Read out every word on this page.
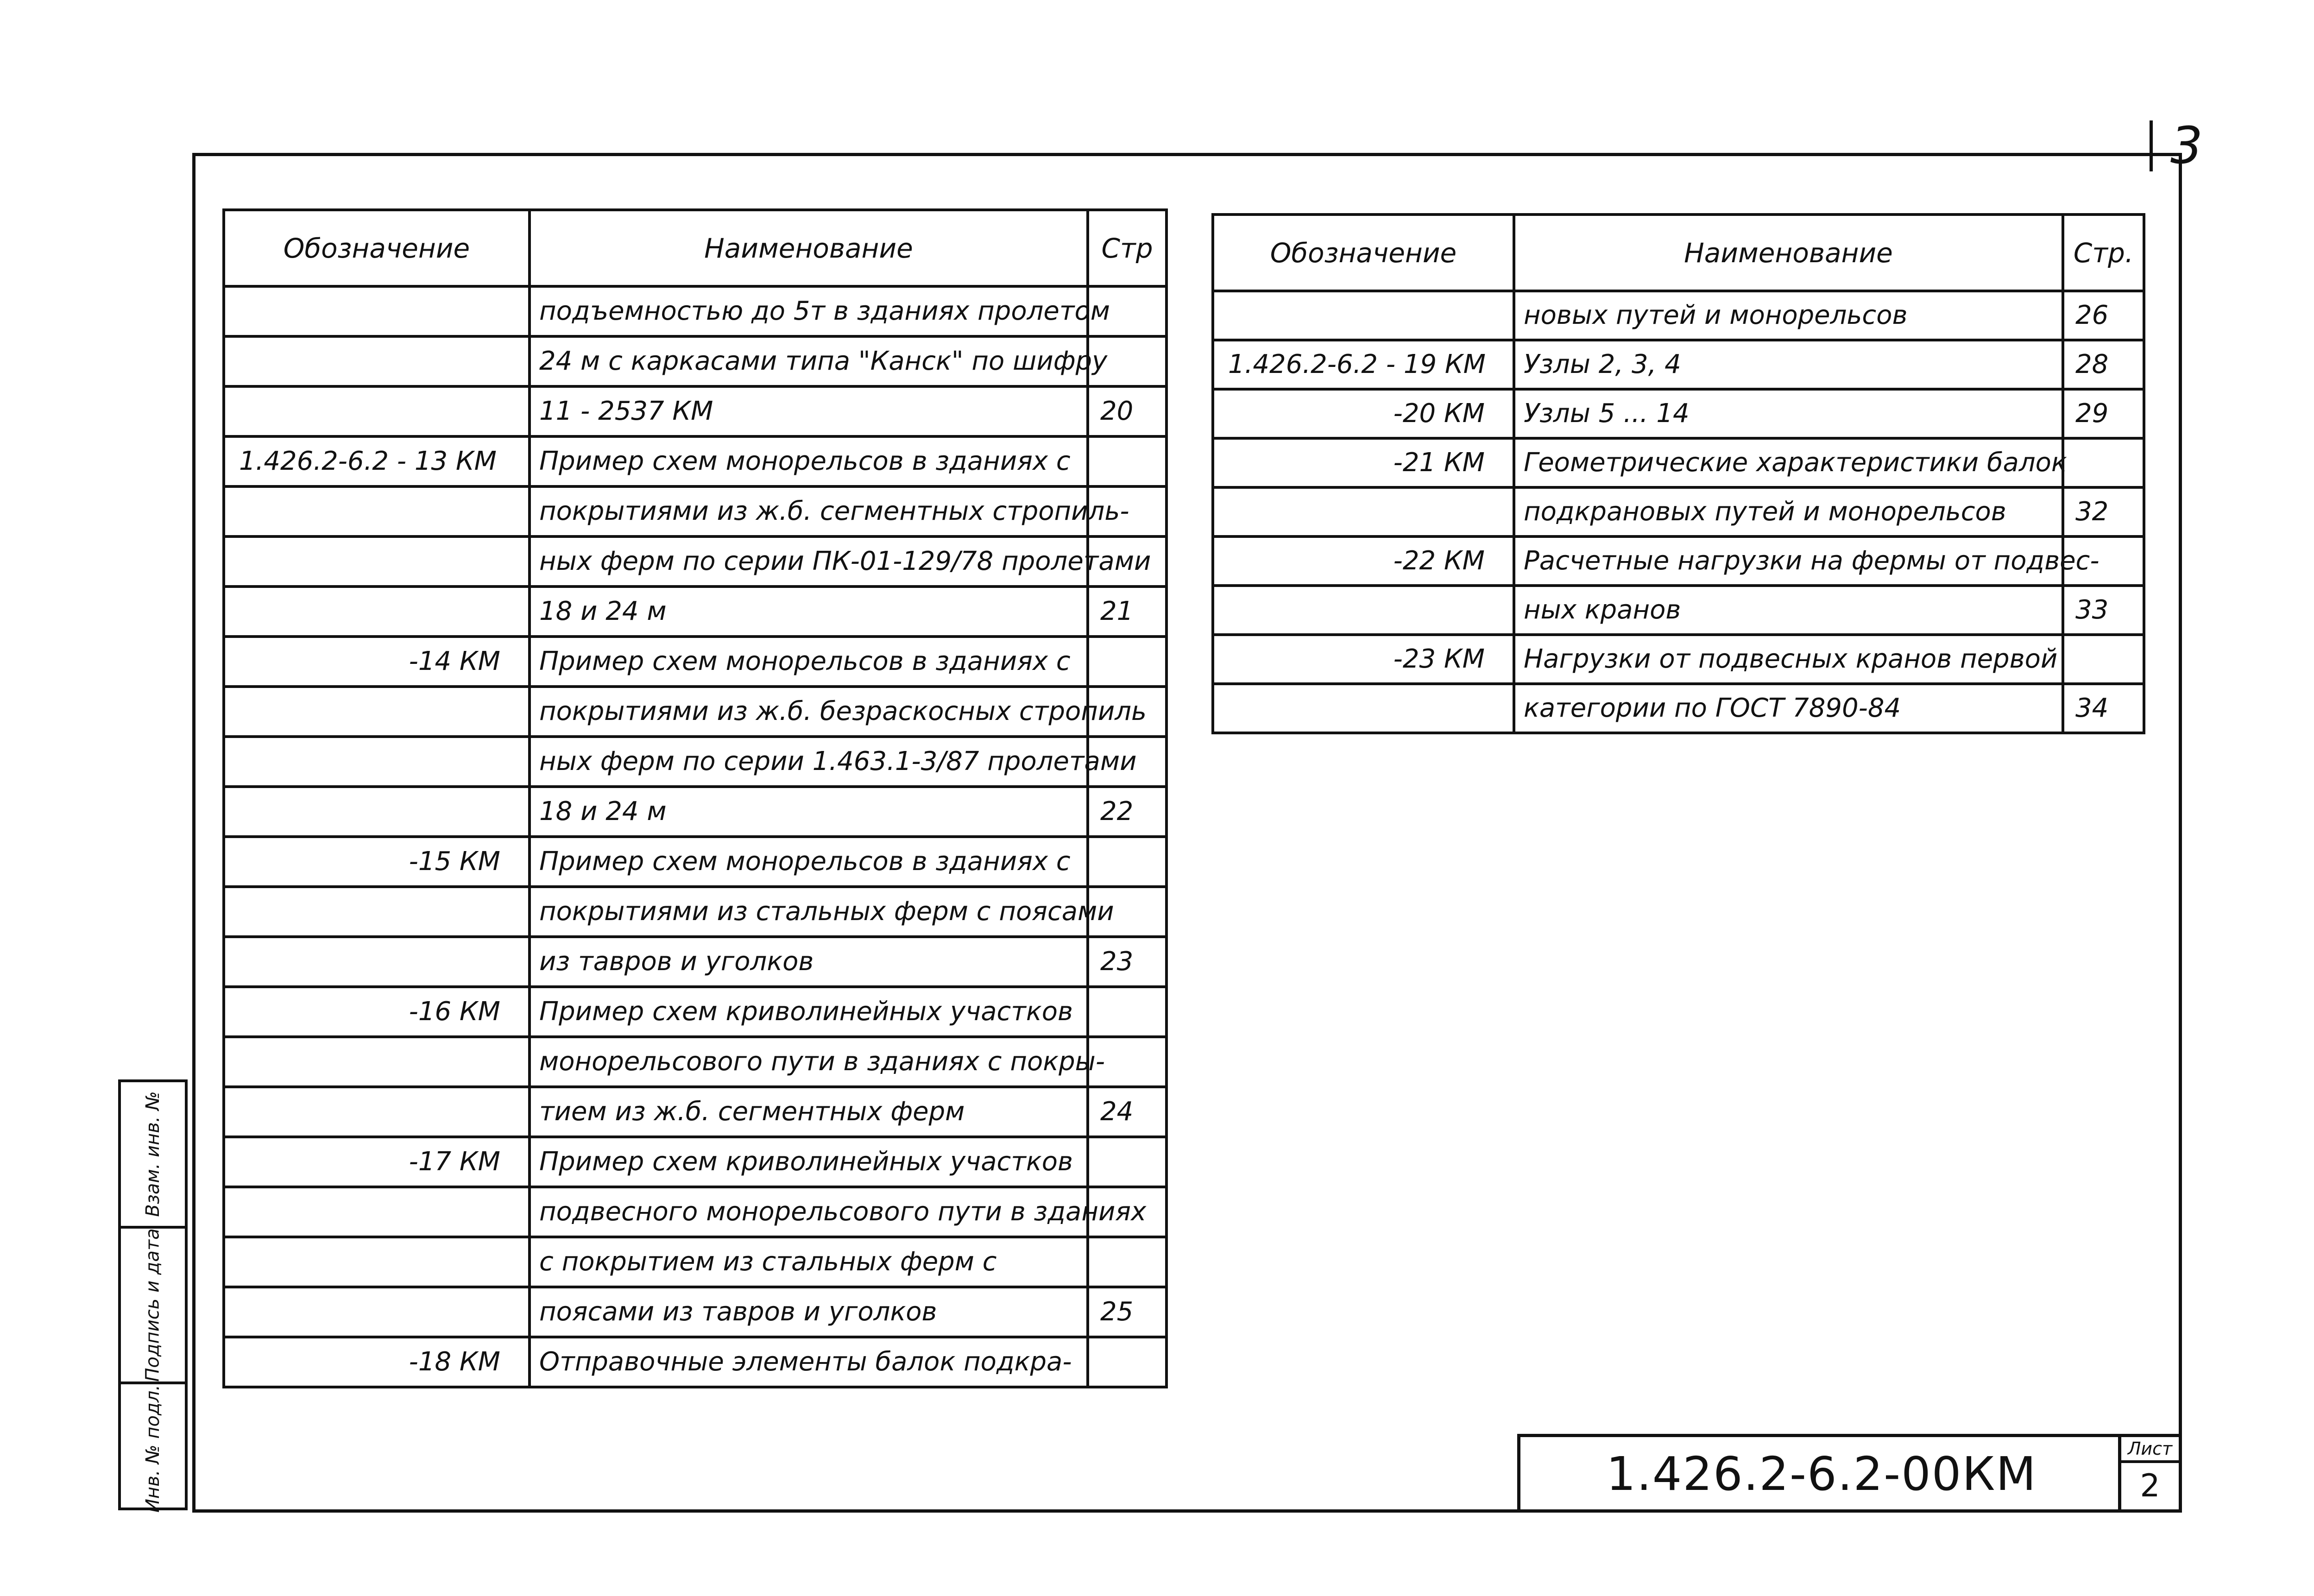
3
Обозначение	Наименование	Стр
	подъемностью до 5т в зданиях пролетом	
	24 м с каркасами типа "Канск" по шифру	
	11 - 2537 КМ	20
1.426.2-6.2 - 13 КМ	Пример схем монорельсов в зданиях с	
	покрытиями из ж.б. сегментных стропиль-	
	ных ферм по серии ПК-01-129/78 пролетами	
	18 и 24 м	21
-14 КМ	Пример схем монорельсов в зданиях с	
	покрытиями из ж.б. безраскосных стропиль	
	ных ферм по серии 1.463.1-3/87 пролетами	
	18 и 24 м	22
-15 КМ	Пример схем монорельсов в зданиях с	
	покрытиями из стальных ферм с поясами	
	из тавров и уголков	23
-16 КМ	Пример схем криволинейных участков	
	монорельсового пути в зданиях с покры-	
	тием из ж.б. сегментных ферм	24
-17 КМ	Пример схем криволинейных участков	
	подвесного монорельсового пути в зданиях	
	с покрытием из стальных ферм с	
	поясами из тавров и уголков	25
-18 КМ	Отправочные элементы балок подкра-	
Обозначение	Наименование	Стр.
	новых путей и монорельсов	26
1.426.2-6.2 - 19 КМ	Узлы 2, 3, 4	28
-20 КМ	Узлы 5 ... 14	29
-21 КМ	Геометрические характеристики балок	
	подкрановых путей и монорельсов	32
-22 КМ	Расчетные нагрузки на фермы от подвес-	
	ных кранов	33
-23 КМ	Нагрузки от подвесных кранов первой	
	категории по ГОСТ 7890-84	34
Взам. инв. №
Подпись и дата
Инв. № подл.	1.426.2-6.2-00КМ	Лист
2
